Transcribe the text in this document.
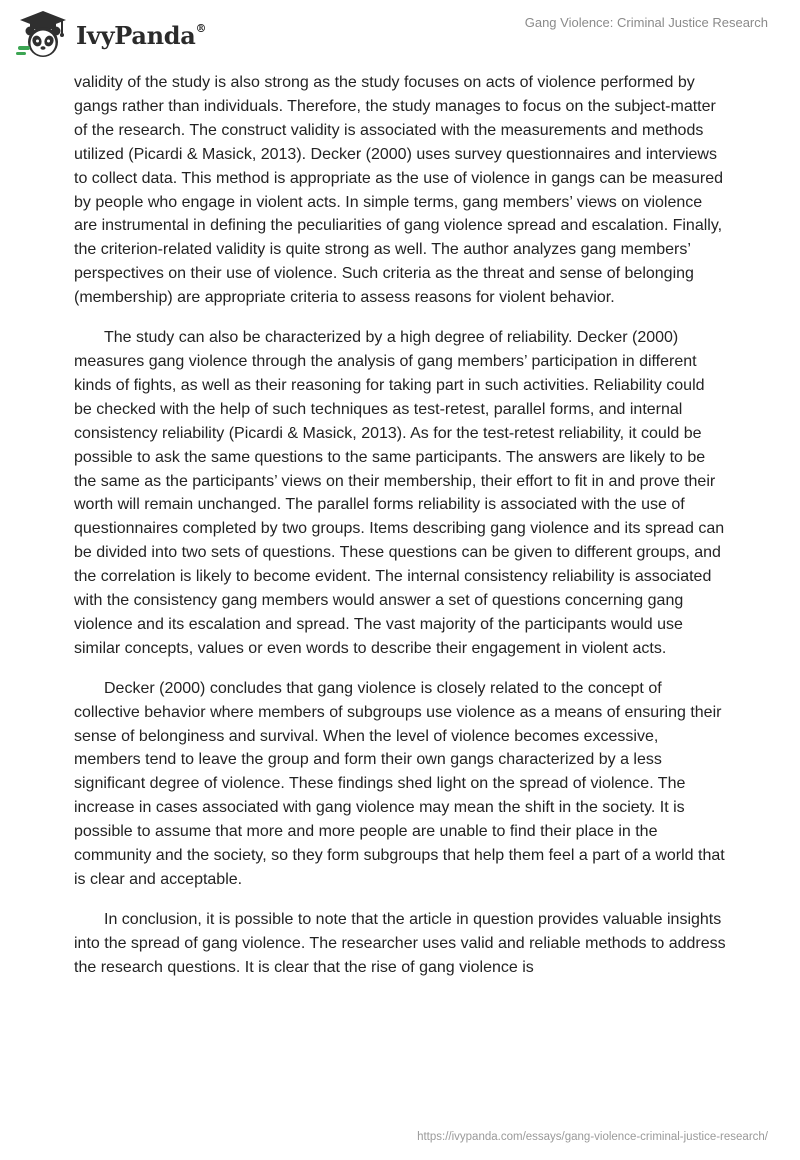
IvyPanda®	Gang Violence: Criminal Justice Research

validity of the study is also strong as the study focuses on acts of violence performed by gangs rather than individuals. Therefore, the study manages to focus on the subject-matter of the research. The construct validity is associated with the measurements and methods utilized (Picardi & Masick, 2013). Decker (2000) uses survey questionnaires and interviews to collect data. This method is appropriate as the use of violence in gangs can be measured by people who engage in violent acts. In simple terms, gang members’ views on violence are instrumental in defining the peculiarities of gang violence spread and escalation. Finally, the criterion-related validity is quite strong as well. The author analyzes gang members’ perspectives on their use of violence. Such criteria as the threat and sense of belonging (membership) are appropriate criteria to assess reasons for violent behavior.

The study can also be characterized by a high degree of reliability. Decker (2000) measures gang violence through the analysis of gang members’ participation in different kinds of fights, as well as their reasoning for taking part in such activities. Reliability could be checked with the help of such techniques as test-retest, parallel forms, and internal consistency reliability (Picardi & Masick, 2013). As for the test-retest reliability, it could be possible to ask the same questions to the same participants. The answers are likely to be the same as the participants’ views on their membership, their effort to fit in and prove their worth will remain unchanged. The parallel forms reliability is associated with the use of questionnaires completed by two groups. Items describing gang violence and its spread can be divided into two sets of questions. These questions can be given to different groups, and the correlation is likely to become evident. The internal consistency reliability is associated with the consistency gang members would answer a set of questions concerning gang violence and its escalation and spread. The vast majority of the participants would use similar concepts, values or even words to describe their engagement in violent acts.

Decker (2000) concludes that gang violence is closely related to the concept of collective behavior where members of subgroups use violence as a means of ensuring their sense of belonginess and survival. When the level of violence becomes excessive, members tend to leave the group and form their own gangs characterized by a less significant degree of violence. These findings shed light on the spread of violence. The increase in cases associated with gang violence may mean the shift in the society. It is possible to assume that more and more people are unable to find their place in the community and the society, so they form subgroups that help them feel a part of a world that is clear and acceptable.

In conclusion, it is possible to note that the article in question provides valuable insights into the spread of gang violence. The researcher uses valid and reliable methods to address the research questions. It is clear that the rise of gang violence is

https://ivypanda.com/essays/gang-violence-criminal-justice-research/
